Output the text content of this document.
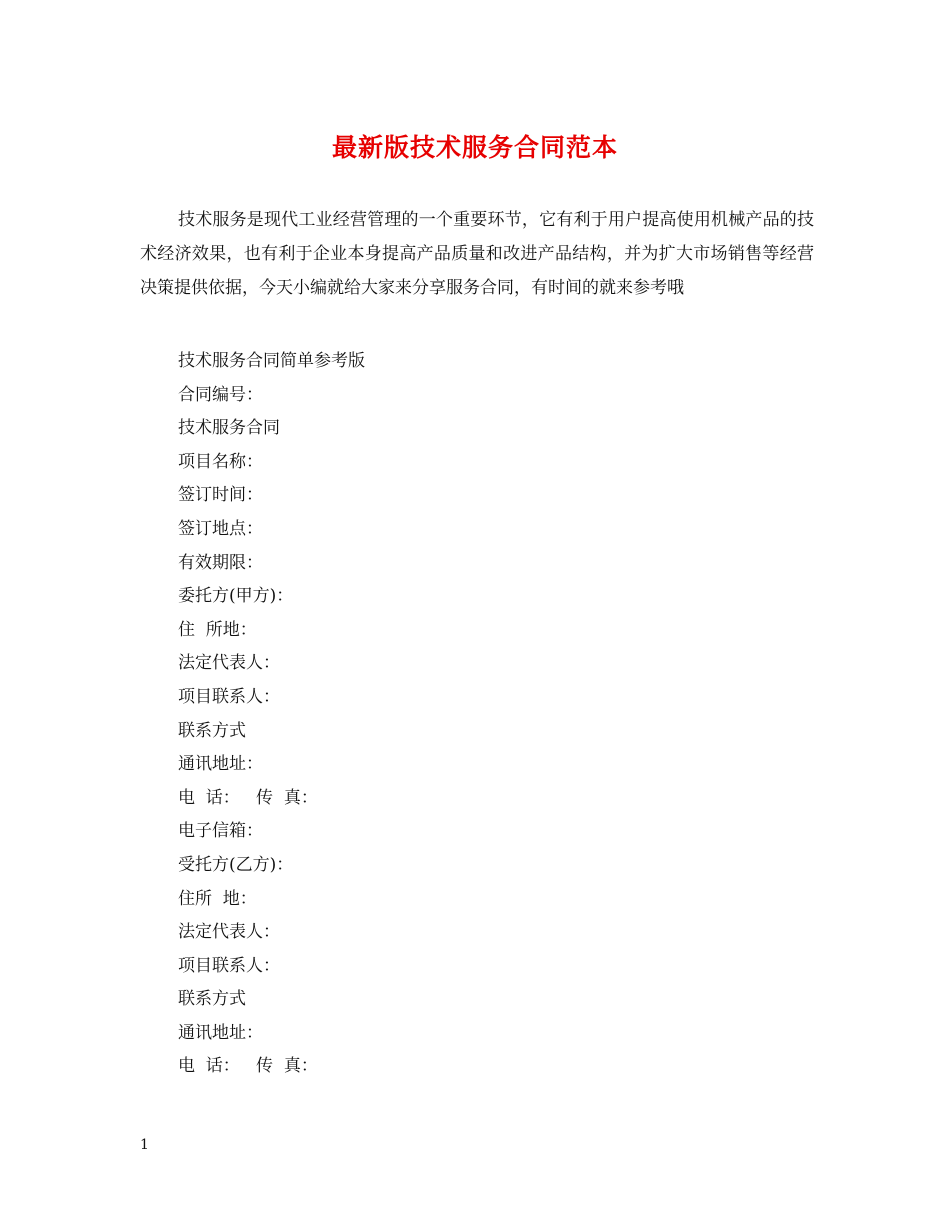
最新版技术服务合同范本

技术服务是现代工业经营管理的一个重要环节，它有利于用户提高使用机械产品的技术经济效果，也有利于企业本身提高产品质量和改进产品结构，并为扩大市场销售等经营决策提供依据，今天小编就给大家来分享服务合同，有时间的就来参考哦

技术服务合同简单参考版
合同编号：
技术服务合同
项目名称：
签订时间：
签订地点：
有效期限：
委托方(甲方)：
住  所地：
法定代表人：
项目联系人：
联系方式
通讯地址：
电  话：   传  真：
电子信箱：
受托方(乙方)：
住所  地：
法定代表人：
项目联系人：
联系方式
通讯地址：
电  话：   传  真：
1
